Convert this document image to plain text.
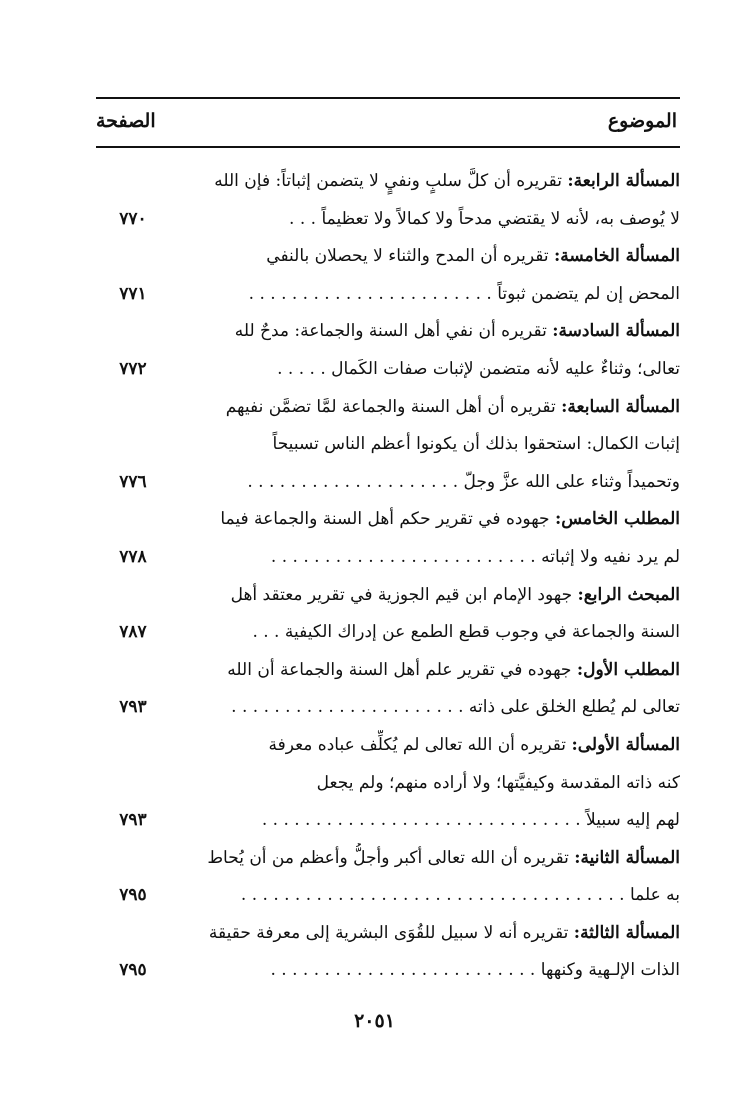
الموضوع
الصفحة
المسألة الرابعة: تقريره أن كلَّ سلبٍ ونفيٍ لا يتضمن إثباتاً: فإن الله
لا يُوصف به، لأنه لا يقتضي مدحاً ولا كمالاً ولا تعظيماً . . .
٧٧٠
المسألة الخامسة: تقريره أن المدح والثناء لا يحصلان بالنفي
المحض إن لم يتضمن ثبوتاً . . . . . . . . . . . . . . . . . . . . . . .
٧٧١
المسألة السادسة: تقريره أن نفي أهل السنة والجماعة: مدحٌ لله
تعالى؛ وثناءٌ عليه لأنه متضمن لإثبات صفات الكَمال . . . . .
٧٧٢
المسألة السابعة: تقريره أن أهل السنة والجماعة لمَّا تضمَّن نفيهم
إثبات الكمال: استحقوا بذلك أن يكونوا أعظم الناس تسبيحاً
وتحميداً وثناء على الله عزَّ وجلّ . . . . . . . . . . . . . . . . . . . .
٧٧٦
المطلب الخامس: جهوده في تقرير حكم أهل السنة والجماعة فيما
لم يرد نفيه ولا إثباته . . . . . . . . . . . . . . . . . . . . . . . . .
٧٧٨
المبحث الرابع: جهود الإمام ابن قيم الجوزية في تقرير معتقد أهل
السنة والجماعة في وجوب قطع الطمع عن إدراك الكيفية . . .
٧٨٧
المطلب الأول: جهوده في تقرير علم أهل السنة والجماعة أن الله
تعالى لم يُطلع الخلق على ذاته . . . . . . . . . . . . . . . . . . . . . .
٧٩٣
المسألة الأولى: تقريره أن الله تعالى لم يُكلِّف عباده معرفة
كنه ذاته المقدسة وكيفيَّتها؛ ولا أراده منهم؛ ولم يجعل
لهم إليه سبيلاً . . . . . . . . . . . . . . . . . . . . . . . . . . . . . .
٧٩٣
المسألة الثانية: تقريره أن الله تعالى أكبر وأجلُّ وأعظم من أن يُحاط
به علما . . . . . . . . . . . . . . . . . . . . . . . . . . . . . . . . . . . .
٧٩٥
المسألة الثالثة: تقريره أنه لا سبيل للقُوَى البشرية إلى معرفة حقيقة
الذات الإلـهية وكنهها . . . . . . . . . . . . . . . . . . . . . . . . .
٧٩٥
٢٠٥١
